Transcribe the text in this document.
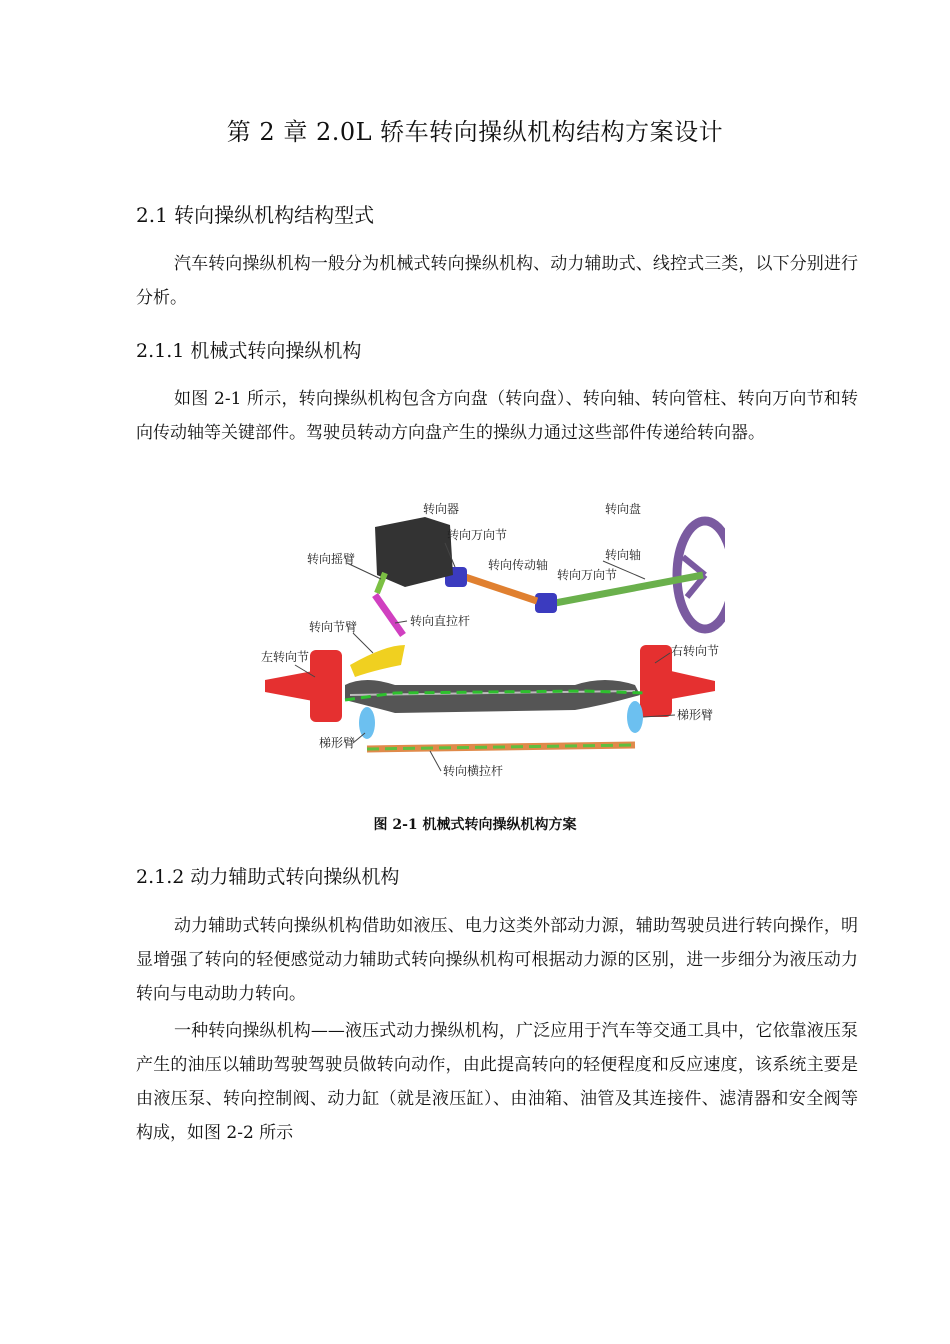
第 2 章 2.0L 轿车转向操纵机构结构方案设计
2.1 转向操纵机构结构型式
汽车转向操纵机构一般分为机械式转向操纵机构、动力辅助式、线控式三类，以下分别进行分析。
2.1.1 机械式转向操纵机构
如图 2-1 所示，转向操纵机构包含方向盘（转向盘）、转向轴、转向管柱、转向万向节和转向传动轴等关键部件。驾驶员转动方向盘产生的操纵力通过这些部件传递给转向器。
转向器
转向万向节
转向盘
转向摇臂	转向传动轴
转向轴
转向万向节
转向直拉杆
转向节臂
左转向节	右转向节
梯形臂
梯形臂
转向横拉杆
图 2-1 机械式转向操纵机构方案
2.1.2 动力辅助式转向操纵机构
动力辅助式转向操纵机构借助如液压、电力这类外部动力源，辅助驾驶员进行转向操作，明显增强了转向的轻便感觉动力辅助式转向操纵机构可根据动力源的区别，进一步细分为液压动力转向与电动助力转向。
一种转向操纵机构——液压式动力操纵机构，广泛应用于汽车等交通工具中，它依靠液压泵产生的油压以辅助驾驶驾驶员做转向动作，由此提高转向的轻便程度和反应速度，该系统主要是由液压泵、转向控制阀、动力缸（就是液压缸）、由油箱、油管及其连接件、滤清器和安全阀等构成，如图 2-2 所示
